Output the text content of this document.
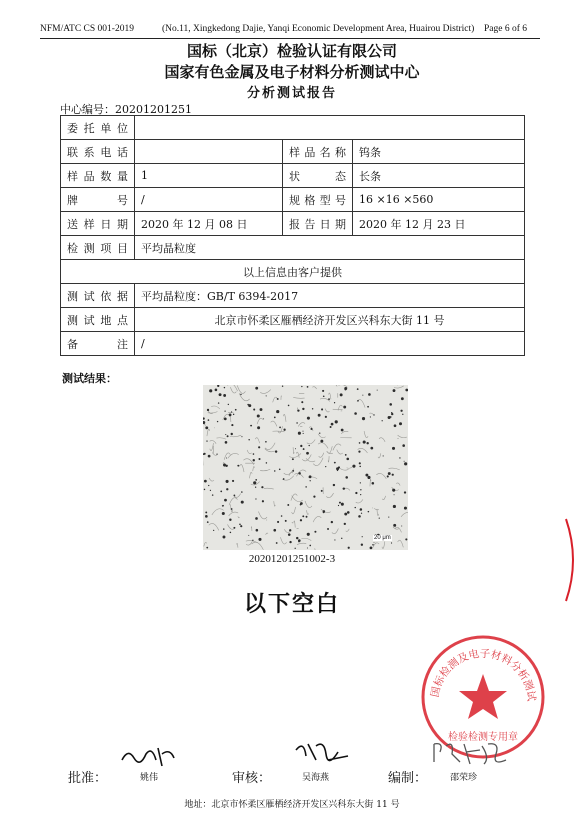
NFM/ATC CS 001-2019	(No.11, Xingkedong Dajie, Yanqi Economic Development Area, Huairou District) Page 6 of 6
国标（北京）检验认证有限公司
国家有色金属及电子材料分析测试中心
分析测试报告
中心编号：20201201251
委托单位			
联系电话		样品名称	钨条
样品数量	1	状　　态	长条
牌　　号	/	规格型号	16 ×16 ×560
送样日期	2020 年 12 月 08 日	报告日期	2020 年 12 月 23 日
检测项目	平均晶粒度		
以上信息由客户提供			
测试依据	平均晶粒度：GB/T 6394-2017		
测试地点	北京市怀柔区雁栖经济开发区兴科东大街 11 号		
备　　注	/		
测试结果：
20 μm
20201201251002-3
以下空白
国标检测及电子材料分析测试
检验检测专用章
批准：	姚伟	审核：	吴海燕	编制：	邵荣珍
地址：北京市怀柔区雁栖经济开发区兴科东大街 11 号
